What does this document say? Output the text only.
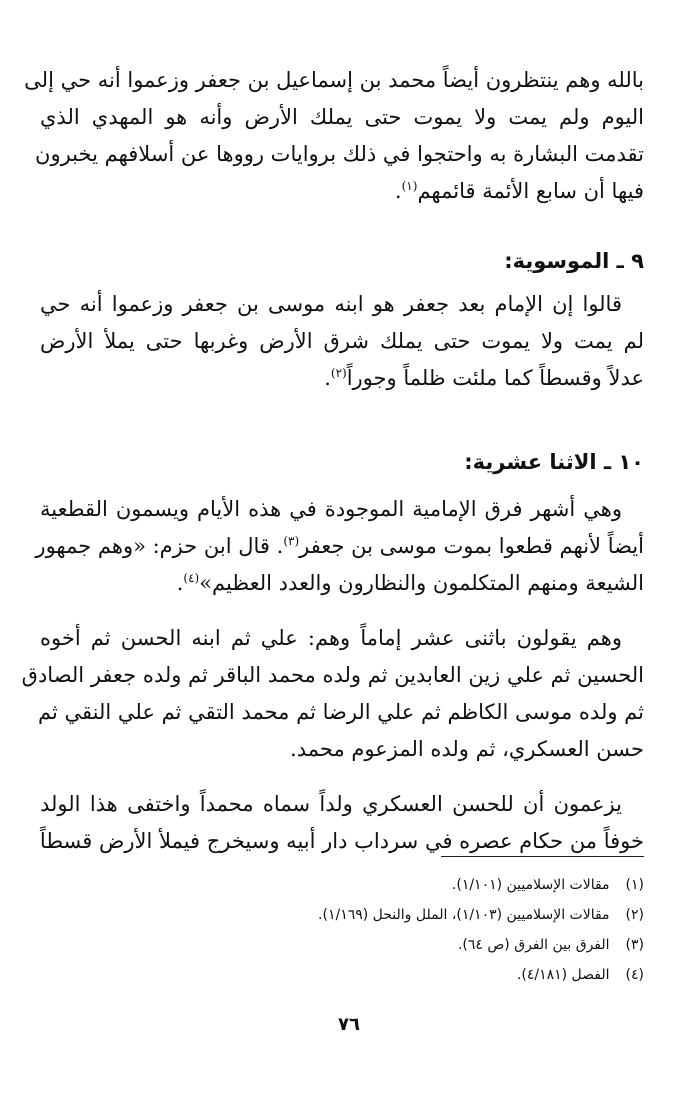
بالله وهم ينتظرون أيضاً محمد بن إسماعيل بن جعفر وزعموا أنه حي إلى
اليوم ولم يمت ولا يموت حتى يملك الأرض وأنه هو المهدي الذي
تقدمت البشارة به واحتجوا في ذلك بروايات رووها عن أسلافهم يخبرون
فيها أن سابع الأئمة قائمهم$^{(١)}$.
٩ ـ الموسوية:
قالوا إن الإمام بعد جعفر هو ابنه موسى بن جعفر وزعموا أنه حي
لم يمت ولا يموت حتى يملك شرق الأرض وغربها حتى يملأ الأرض
عدلاً وقسطاً كما ملئت ظلماً وجوراً$^{(٢)}$.
١٠ ـ الاثنا عشرية:
وهي أشهر فرق الإمامية الموجودة في هذه الأيام ويسمون القطعية
أيضاً لأنهم قطعوا بموت موسى بن جعفر$^{(٣)}$. قال ابن حزم: «وهم جمهور
الشيعة ومنهم المتكلمون والنظارون والعدد العظيم»$^{(٤)}$.
وهم يقولون باثنى عشر إماماً وهم: علي ثم ابنه الحسن ثم أخوه
الحسين ثم علي زين العابدين ثم ولده محمد الباقر ثم ولده جعفر الصادق
ثم ولده موسى الكاظم ثم علي الرضا ثم محمد التقي ثم علي النقي ثم
حسن العسكري، ثم ولده المزعوم محمد.
يزعمون أن للحسن العسكري ولداً سماه محمداً واختفى هذا الولد
خوفاً من حكام عصره في سرداب دار أبيه وسيخرج فيملأ الأرض قسطاً
(١) مقالات الإسلاميين (١/١٠١).
(٢) مقالات الإسلاميين (١/١٠٣)، الملل والنحل (١/١٦٩).
(٣) الفرق بين الفرق (ص ٦٤).
(٤) الفصل (٤/١٨١).
٧٦
